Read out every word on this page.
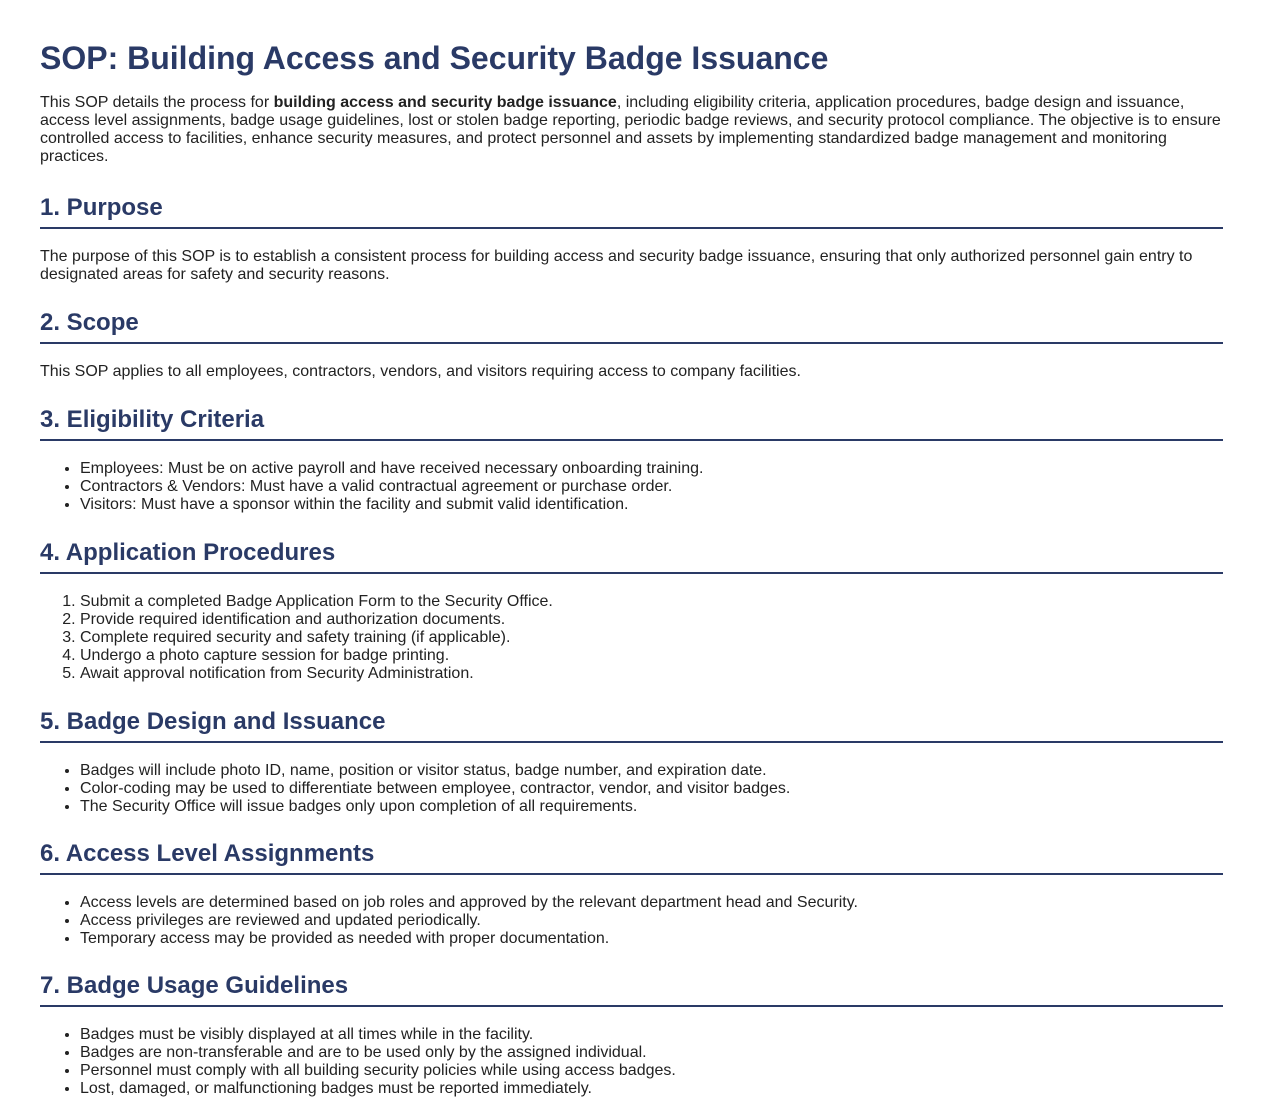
SOP: Building Access and Security Badge Issuance

This SOP details the process for building access and security badge issuance, including eligibility criteria, application procedures, badge design and issuance, access level assignments, badge usage guidelines, lost or stolen badge reporting, periodic badge reviews, and security protocol compliance. The objective is to ensure controlled access to facilities, enhance security measures, and protect personnel and assets by implementing standardized badge management and monitoring practices.

1. Purpose

The purpose of this SOP is to establish a consistent process for building access and security badge issuance, ensuring that only authorized personnel gain entry to designated areas for safety and security reasons.

2. Scope

This SOP applies to all employees, contractors, vendors, and visitors requiring access to company facilities.

3. Eligibility Criteria
• Employees: Must be on active payroll and have received necessary onboarding training.
• Contractors & Vendors: Must have a valid contractual agreement or purchase order.
• Visitors: Must have a sponsor within the facility and submit valid identification.
4. Application Procedures
1. Submit a completed Badge Application Form to the Security Office.
2. Provide required identification and authorization documents.
3. Complete required security and safety training (if applicable).
4. Undergo a photo capture session for badge printing.
5. Await approval notification from Security Administration.
5. Badge Design and Issuance
• Badges will include photo ID, name, position or visitor status, badge number, and expiration date.
• Color-coding may be used to differentiate between employee, contractor, vendor, and visitor badges.
• The Security Office will issue badges only upon completion of all requirements.
6. Access Level Assignments
• Access levels are determined based on job roles and approved by the relevant department head and Security.
• Access privileges are reviewed and updated periodically.
• Temporary access may be provided as needed with proper documentation.
7. Badge Usage Guidelines
• Badges must be visibly displayed at all times while in the facility.
• Badges are non-transferable and are to be used only by the assigned individual.
• Personnel must comply with all building security policies while using access badges.
• Lost, damaged, or malfunctioning badges must be reported immediately.
